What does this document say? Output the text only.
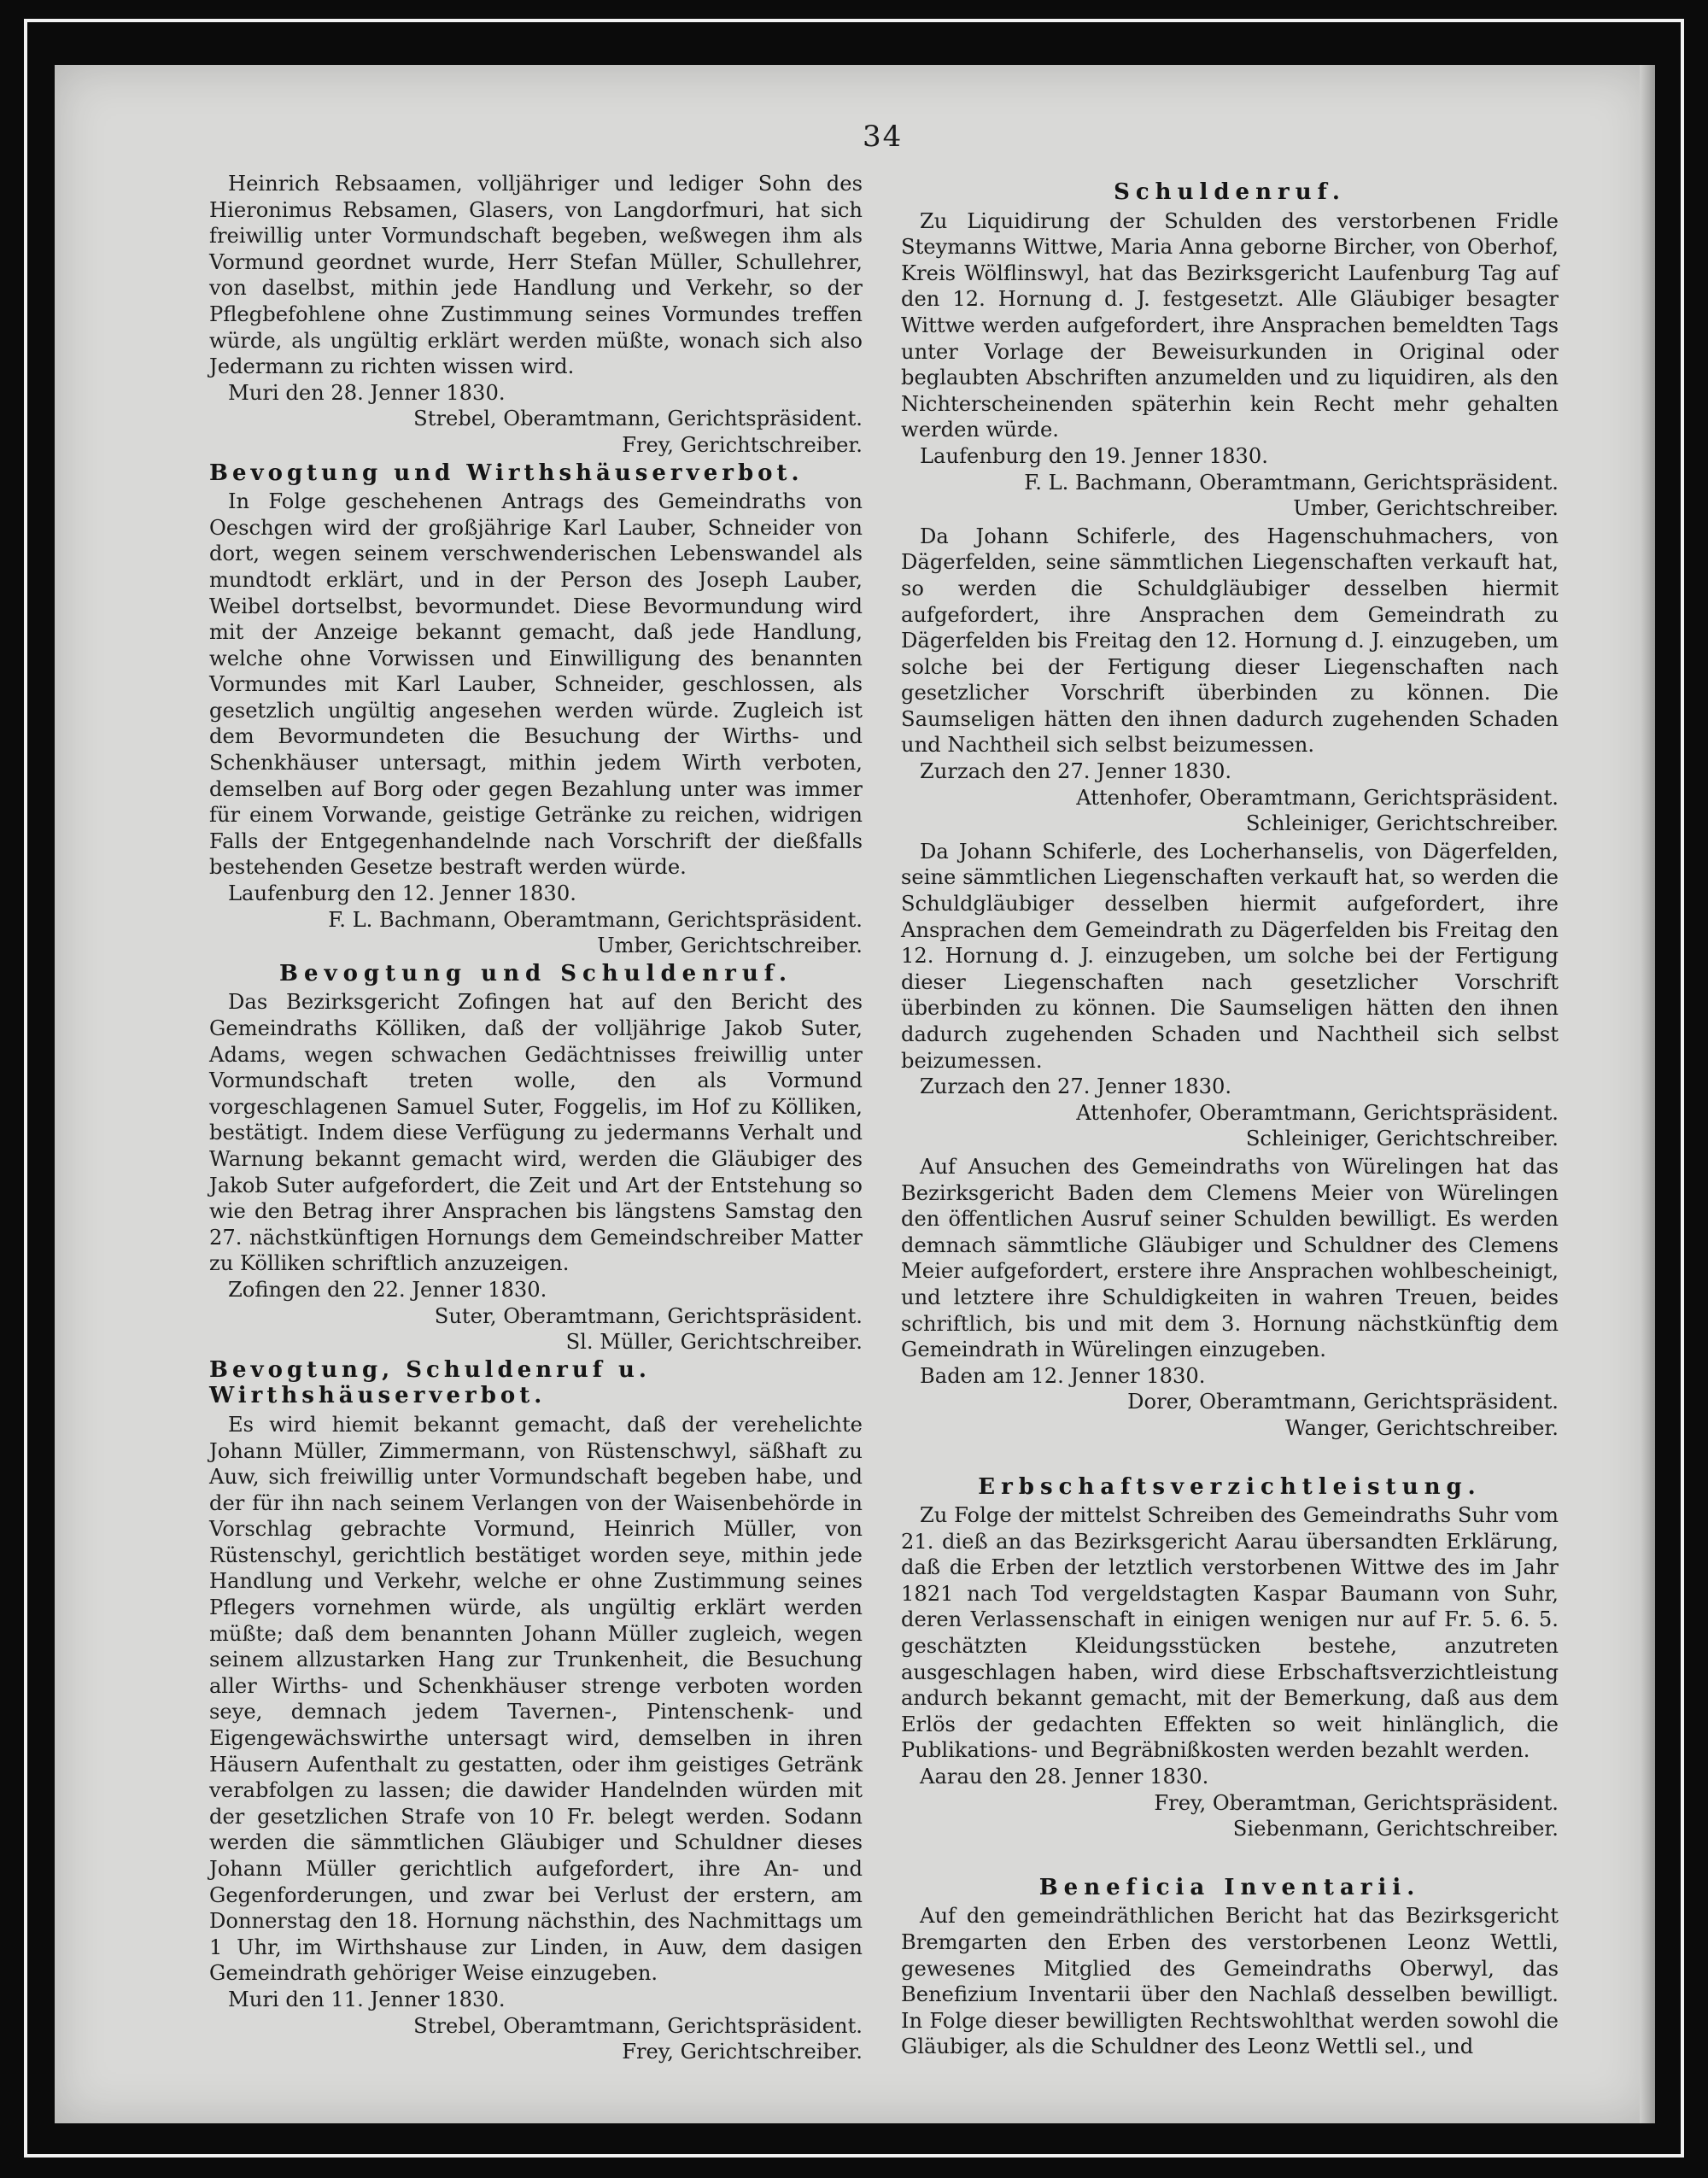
34

Heinrich Rebsaamen, volljähriger und lediger Sohn des Hieronimus Rebsamen, Glasers, von Langdorfmuri, hat sich freiwillig unter Vormundschaft begeben, weßwegen ihm als Vormund geordnet wurde, Herr Stefan Müller, Schullehrer, von daselbst, mithin jede Handlung und Verkehr, so der Pflegbefohlene ohne Zustimmung seines Vormundes treffen würde, als ungültig erklärt werden müßte, wonach sich also Jedermann zu richten wissen wird.

Muri den 28. Jenner 1830.

Strebel, Oberamtmann, Gerichtspräsident.

Frey, Gerichtschreiber.

Bevogtung und Wirthshäuserverbot.

In Folge geschehenen Antrags des Gemeindraths von Oeschgen wird der großjährige Karl Lauber, Schneider von dort, wegen seinem verschwenderischen Lebenswandel als mundtodt erklärt, und in der Person des Joseph Lauber, Weibel dortselbst, bevormundet. Diese Bevormundung wird mit der Anzeige bekannt gemacht, daß jede Handlung, welche ohne Vorwissen und Einwilligung des benannten Vormundes mit Karl Lauber, Schneider, geschlossen, als gesetzlich ungültig angesehen werden würde. Zugleich ist dem Bevormundeten die Besuchung der Wirths- und Schenkhäuser untersagt, mithin jedem Wirth verboten, demselben auf Borg oder gegen Bezahlung unter was immer für einem Vorwande, geistige Getränke zu reichen, widrigen Falls der Entgegenhandelnde nach Vorschrift der dießfalls bestehenden Gesetze bestraft werden würde.

Laufenburg den 12. Jenner 1830.

F. L. Bachmann, Oberamtmann, Gerichtspräsident.

Umber, Gerichtschreiber.

Bevogtung und Schuldenruf.

Das Bezirksgericht Zofingen hat auf den Bericht des Gemeindraths Kölliken, daß der volljährige Jakob Suter, Adams, wegen schwachen Gedächtnisses freiwillig unter Vormundschaft treten wolle, den als Vormund vorgeschlagenen Samuel Suter, Foggelis, im Hof zu Kölliken, bestätigt. Indem diese Verfügung zu jedermanns Verhalt und Warnung bekannt gemacht wird, werden die Gläubiger des Jakob Suter aufgefordert, die Zeit und Art der Entstehung so wie den Betrag ihrer Ansprachen bis längstens Samstag den 27. nächstkünftigen Hornungs dem Gemeindschreiber Matter zu Kölliken schriftlich anzuzeigen.

Zofingen den 22. Jenner 1830.

Suter, Oberamtmann, Gerichtspräsident.

Sl. Müller, Gerichtschreiber.

Bevogtung, Schuldenruf u. Wirthshäuserverbot.

Es wird hiemit bekannt gemacht, daß der verehelichte Johann Müller, Zimmermann, von Rüstenschwyl, säßhaft zu Auw, sich freiwillig unter Vormundschaft begeben habe, und der für ihn nach seinem Verlangen von der Waisenbehörde in Vorschlag gebrachte Vormund, Heinrich Müller, von Rüstenschyl, gerichtlich bestätiget worden seye, mithin jede Handlung und Verkehr, welche er ohne Zustimmung seines Pflegers vornehmen würde, als ungültig erklärt werden müßte; daß dem benannten Johann Müller zugleich, wegen seinem allzustarken Hang zur Trunkenheit, die Besuchung aller Wirths- und Schenkhäuser strenge verboten worden seye, demnach jedem Tavernen-, Pintenschenk- und Eigengewächswirthe untersagt wird, demselben in ihren Häusern Aufenthalt zu gestatten, oder ihm geistiges Getränk verabfolgen zu lassen; die dawider Handelnden würden mit der gesetzlichen Strafe von 10 Fr. belegt werden. Sodann werden die sämmtlichen Gläubiger und Schuldner dieses Johann Müller gerichtlich aufgefordert, ihre An- und Gegenforderungen, und zwar bei Verlust der erstern, am Donnerstag den 18. Hornung nächsthin, des Nachmittags um 1 Uhr, im Wirthshause zur Linden, in Auw, dem dasigen Gemeindrath gehöriger Weise einzugeben.

Muri den 11. Jenner 1830.

Strebel, Oberamtmann, Gerichtspräsident.

Frey, Gerichtschreiber.

Schuldenruf.

Zu Liquidirung der Schulden des verstorbenen Fridle Steymanns Wittwe, Maria Anna geborne Bircher, von Oberhof, Kreis Wölflinswyl, hat das Bezirksgericht Laufenburg Tag auf den 12. Hornung d. J. festgesetzt. Alle Gläubiger besagter Wittwe werden aufgefordert, ihre Ansprachen bemeldten Tags unter Vorlage der Beweisurkunden in Original oder beglaubten Abschriften anzumelden und zu liquidiren, als den Nichterscheinenden späterhin kein Recht mehr gehalten werden würde.

Laufenburg den 19. Jenner 1830.

F. L. Bachmann, Oberamtmann, Gerichtspräsident.

Umber, Gerichtschreiber.

Da Johann Schiferle, des Hagenschuhmachers, von Dägerfelden, seine sämmtlichen Liegenschaften verkauft hat, so werden die Schuldgläubiger desselben hiermit aufgefordert, ihre Ansprachen dem Gemeindrath zu Dägerfelden bis Freitag den 12. Hornung d. J. einzugeben, um solche bei der Fertigung dieser Liegenschaften nach gesetzlicher Vorschrift überbinden zu können. Die Saumseligen hätten den ihnen dadurch zugehenden Schaden und Nachtheil sich selbst beizumessen.

Zurzach den 27. Jenner 1830.

Attenhofer, Oberamtmann, Gerichtspräsident.

Schleiniger, Gerichtschreiber.

Da Johann Schiferle, des Locherhanselis, von Dägerfelden, seine sämmtlichen Liegenschaften verkauft hat, so werden die Schuldgläubiger desselben hiermit aufgefordert, ihre Ansprachen dem Gemeindrath zu Dägerfelden bis Freitag den 12. Hornung d. J. einzugeben, um solche bei der Fertigung dieser Liegenschaften nach gesetzlicher Vorschrift überbinden zu können. Die Saumseligen hätten den ihnen dadurch zugehenden Schaden und Nachtheil sich selbst beizumessen.

Zurzach den 27. Jenner 1830.

Attenhofer, Oberamtmann, Gerichtspräsident.

Schleiniger, Gerichtschreiber.

Auf Ansuchen des Gemeindraths von Würelingen hat das Bezirksgericht Baden dem Clemens Meier von Würelingen den öffentlichen Ausruf seiner Schulden bewilligt. Es werden demnach sämmtliche Gläubiger und Schuldner des Clemens Meier aufgefordert, erstere ihre Ansprachen wohlbescheinigt, und letztere ihre Schuldigkeiten in wahren Treuen, beides schriftlich, bis und mit dem 3. Hornung nächstkünftig dem Gemeindrath in Würelingen einzugeben.

Baden am 12. Jenner 1830.

Dorer, Oberamtmann, Gerichtspräsident.

Wanger, Gerichtschreiber.

Erbschaftsverzichtleistung.

Zu Folge der mittelst Schreiben des Gemeindraths Suhr vom 21. dieß an das Bezirksgericht Aarau übersandten Erklärung, daß die Erben der letztlich verstorbenen Wittwe des im Jahr 1821 nach Tod vergeldstagten Kaspar Baumann von Suhr, deren Verlassenschaft in einigen wenigen nur auf Fr. 5. 6. 5. geschätzten Kleidungsstücken bestehe, anzutreten ausgeschlagen haben, wird diese Erbschaftsverzichtleistung andurch bekannt gemacht, mit der Bemerkung, daß aus dem Erlös der gedachten Effekten so weit hinlänglich, die Publikations- und Begräbnißkosten werden bezahlt werden.

Aarau den 28. Jenner 1830.

Frey, Oberamtman, Gerichtspräsident.

Siebenmann, Gerichtschreiber.

Beneficia Inventarii.

Auf den gemeindräthlichen Bericht hat das Bezirksgericht Bremgarten den Erben des verstorbenen Leonz Wettli, gewesenes Mitglied des Gemeindraths Oberwyl, das Benefizium Inventarii über den Nachlaß desselben bewilligt. In Folge dieser bewilligten Rechtswohlthat werden sowohl die Gläubiger, als die Schuldner des Leonz Wettli sel., und
